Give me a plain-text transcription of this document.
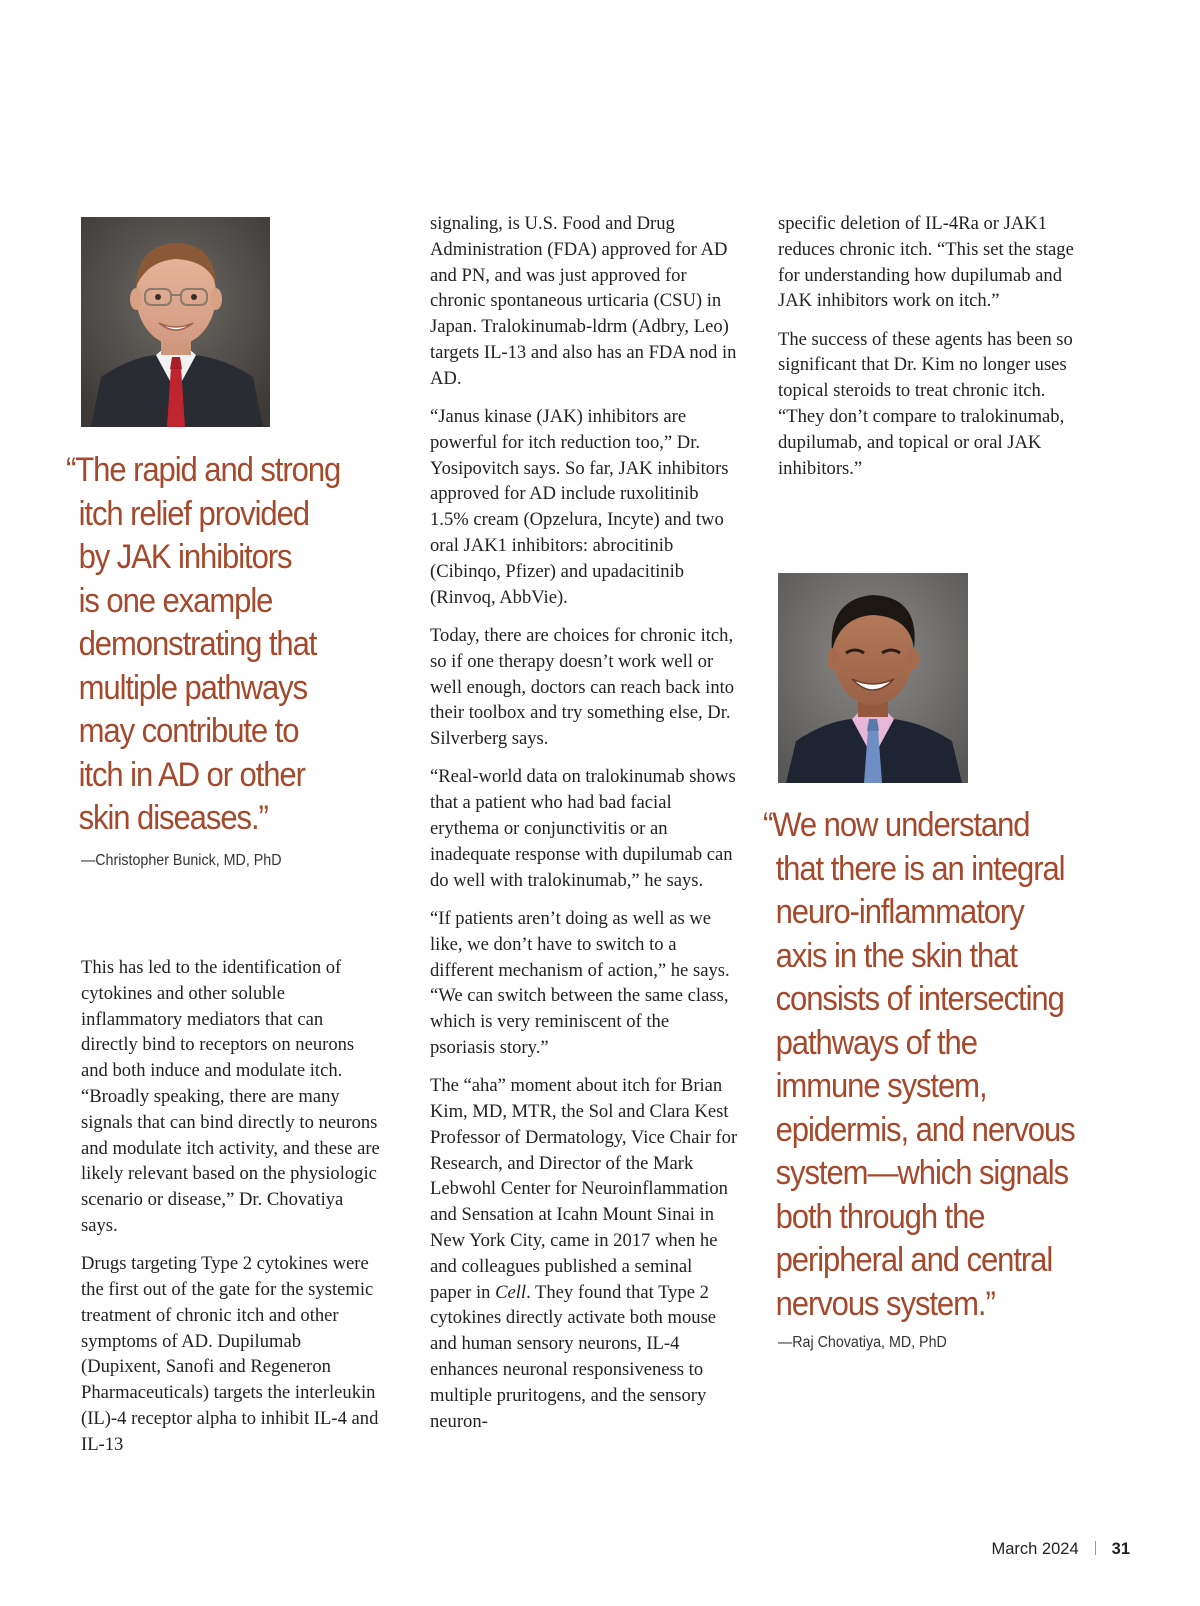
“The rapid and strong
itch relief provided
by JAK inhibitors
is one example
demonstrating that
multiple pathways
may contribute to
itch in AD or other
skin diseases.”

—Christopher Bunick, MD, PhD

This has led to the identification of cytokines and other soluble inflammatory mediators that can directly bind to receptors on neurons and both induce and modulate itch. “Broadly speaking, there are many signals that can bind directly to neurons and modulate itch activity, and these are likely relevant based on the physiologic scenario or disease,” Dr. Chovatiya says.

Drugs targeting Type 2 cytokines were the first out of the gate for the systemic treatment of chronic itch and other symptoms of AD. Dupilumab (Dupixent, Sanofi and Regeneron Pharmaceuticals) targets the interleukin (IL)-4 receptor alpha to inhibit IL-4 and IL-13

signaling, is U.S. Food and Drug Administration (FDA) approved for AD and PN, and was just approved for chronic spontaneous urticaria (CSU) in Japan. Tralokinumab-ldrm (Adbry, Leo) targets IL-13 and also has an FDA nod in AD.

“Janus kinase (JAK) inhibitors are powerful for itch reduction too,” Dr. Yosipovitch says. So far, JAK inhibitors approved for AD include ruxolitinib 1.5% cream (Opzelura, Incyte) and two oral JAK1 inhibitors: abrocitinib (Cibinqo, Pfizer) and upadacitinib (Rinvoq, AbbVie).

Today, there are choices for chronic itch, so if one therapy doesn’t work well or well enough, doctors can reach back into their toolbox and try something else, Dr. Silverberg says.

“Real-world data on tralokinumab shows that a patient who had bad facial erythema or conjunctivitis or an inadequate response with dupilumab can do well with tralokinumab,” he says.

“If patients aren’t doing as well as we like, we don’t have to switch to a different mechanism of action,” he says. “We can switch between the same class, which is very reminiscent of the psoriasis story.”

The “aha” moment about itch for Brian Kim, MD, MTR, the Sol and Clara Kest Professor of Dermatology, Vice Chair for Research, and Director of the Mark Lebwohl Center for Neuroinflammation and Sensation at Icahn Mount Sinai in New York City, came in 2017 when he and colleagues published a seminal paper in Cell. They found that Type 2 cytokines directly activate both mouse and human sensory neurons, IL-4 enhances neuronal responsiveness to multiple pruritogens, and the sensory neuron-

specific deletion of IL-4Ra or JAK1 reduces chronic itch. “This set the stage for understanding how dupilumab and JAK inhibitors work on itch.”

The success of these agents has been so significant that Dr. Kim no longer uses topical steroids to treat chronic itch. “They don’t compare to tralokinumab, dupilumab, and topical or oral JAK inhibitors.”

“We now understand
that there is an integral
neuro-inflammatory
axis in the skin that
consists of intersecting
pathways of the
immune system,
epidermis, and nervous
system—which signals
both through the
peripheral and central
nervous system.”

—Raj Chovatiya, MD, PhD

March 2024 31
